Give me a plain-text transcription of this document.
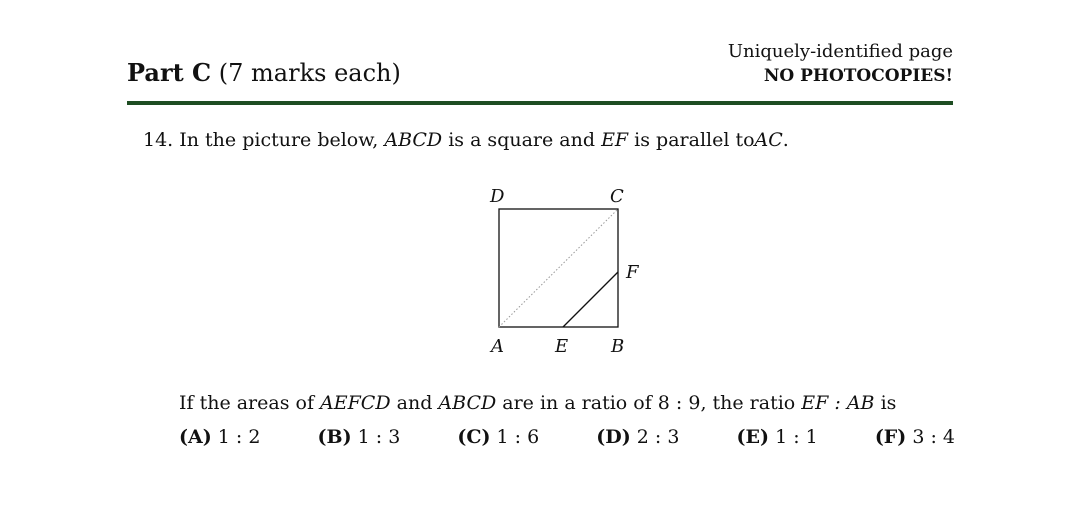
Part C (7 marks each)
Uniquely-identified page
NO PHOTOCOPIES!
14. In the picture below, ABCD is a square and EF is parallel toAC.
D	C
F
A	E B
If the areas of AEFCD and ABCD are in a ratio of 8 : 9, the ratio EF : AB is
(A) 1 : 2	(B) 1 : 3	(C) 1 : 6	(D) 2 : 3	(E) 1 : 1	(F) 3 : 4
